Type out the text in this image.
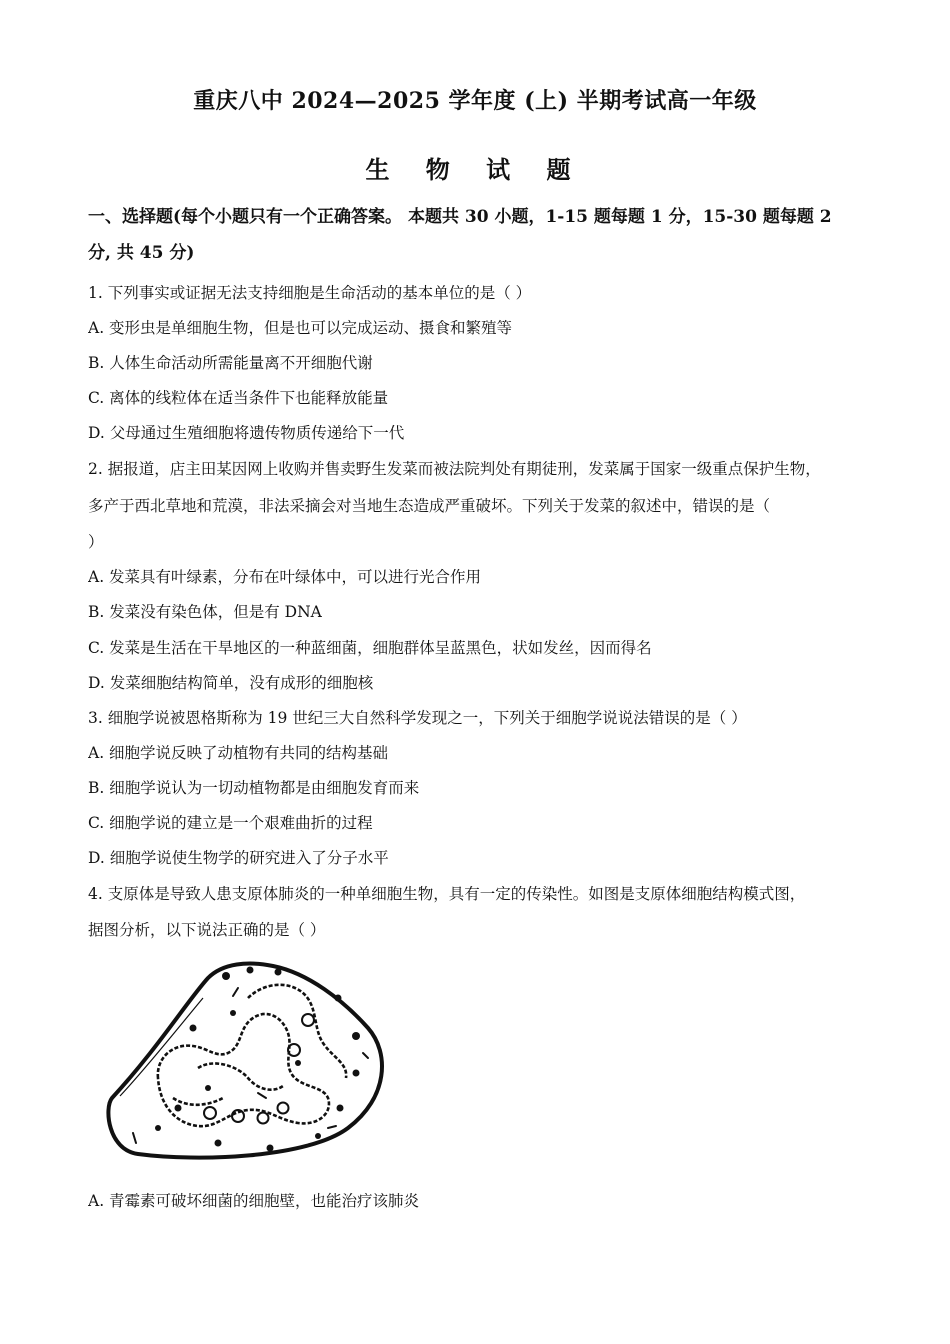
重庆八中 2024—2025 学年度 (上) 半期考试高一年级
生 物 试 题
一、选择题(每个小题只有一个正确答案。 本题共 30 小题，1-15 题每题 1 分，15-30 题每题 2
分, 共 45 分)
1. 下列事实或证据无法支持细胞是生命活动的基本单位的是（ ）
A. 变形虫是单细胞生物，但是也可以完成运动、摄食和繁殖等
B. 人体生命活动所需能量离不开细胞代谢
C. 离体的线粒体在适当条件下也能释放能量
D. 父母通过生殖细胞将遗传物质传递给下一代
2. 据报道，店主田某因网上收购并售卖野生发菜而被法院判处有期徒刑，发菜属于国家一级重点保护生物，
多产于西北草地和荒漠，非法采摘会对当地生态造成严重破坏。下列关于发菜的叙述中，错误的是（
）
A. 发菜具有叶绿素，分布在叶绿体中，可以进行光合作用
B. 发菜没有染色体，但是有 DNA
C. 发菜是生活在干旱地区的一种蓝细菌，细胞群体呈蓝黑色，状如发丝，因而得名
D. 发菜细胞结构简单，没有成形的细胞核
3. 细胞学说被恩格斯称为 19 世纪三大自然科学发现之一，下列关于细胞学说说法错误的是（ ）
A. 细胞学说反映了动植物有共同的结构基础
B. 细胞学说认为一切动植物都是由细胞发育而来
C. 细胞学说的建立是一个艰难曲折的过程
D. 细胞学说使生物学的研究进入了分子水平
4. 支原体是导致人患支原体肺炎的一种单细胞生物，具有一定的传染性。如图是支原体细胞结构模式图，
据图分析，以下说法正确的是（ ）
A. 青霉素可破坏细菌的细胞壁，也能治疗该肺炎
